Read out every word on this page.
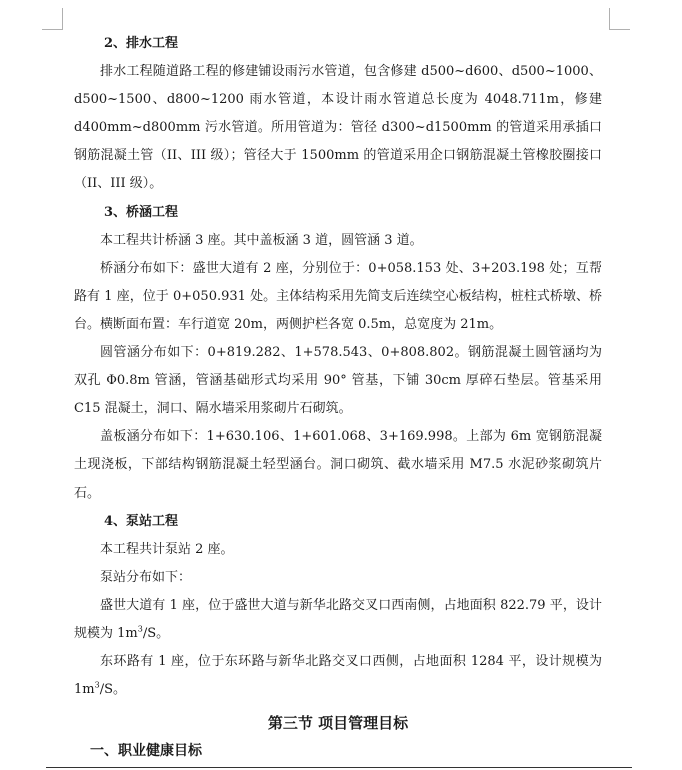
2、排水工程

排水工程随道路工程的修建铺设雨污水管道，包含修建 d500~d600、d500~1000、d500~1500、d800~1200 雨水管道，本设计雨水管道总长度为 4048.711m，修建 d400mm~d800mm 污水管道。所用管道为：管径 d300~d1500mm 的管道采用承插口钢筋混凝土管（II、III 级）；管径大于 1500mm 的管道采用企口钢筋混凝土管橡胶圈接口（II、III 级）。

3、桥涵工程

本工程共计桥涵 3 座。其中盖板涵 3 道，圆管涵 3 道。

桥涵分布如下：盛世大道有 2 座，分别位于：0+058.153 处、3+203.198 处；互帮路有 1 座，位于 0+050.931 处。主体结构采用先简支后连续空心板结构，桩柱式桥墩、桥台。横断面布置：车行道宽 20m，两侧护栏各宽 0.5m，总宽度为 21m。

圆管涵分布如下：0+819.282、1+578.543、0+808.802。钢筋混凝土圆管涵均为双孔 Φ0.8m 管涵，管涵基础形式均采用 90° 管基，下铺 30cm 厚碎石垫层。管基采用 C15 混凝土，洞口、隔水墙采用浆砌片石砌筑。

盖板涵分布如下：1+630.106、1+601.068、3+169.998。上部为 6m 宽钢筋混凝土现浇板，下部结构钢筋混凝土轻型涵台。洞口砌筑、截水墙采用 M7.5 水泥砂浆砌筑片石。

4、泵站工程

本工程共计泵站 2 座。

泵站分布如下：

盛世大道有 1 座，位于盛世大道与新华北路交叉口西南侧，占地面积 822.79 平，设计规模为 $1m^3/S$。

东环路有 1 座，位于东环路与新华北路交叉口西侧，占地面积 1284 平，设计规模为 $1m^3/S$。

第三节 项目管理目标

一、职业健康目标
